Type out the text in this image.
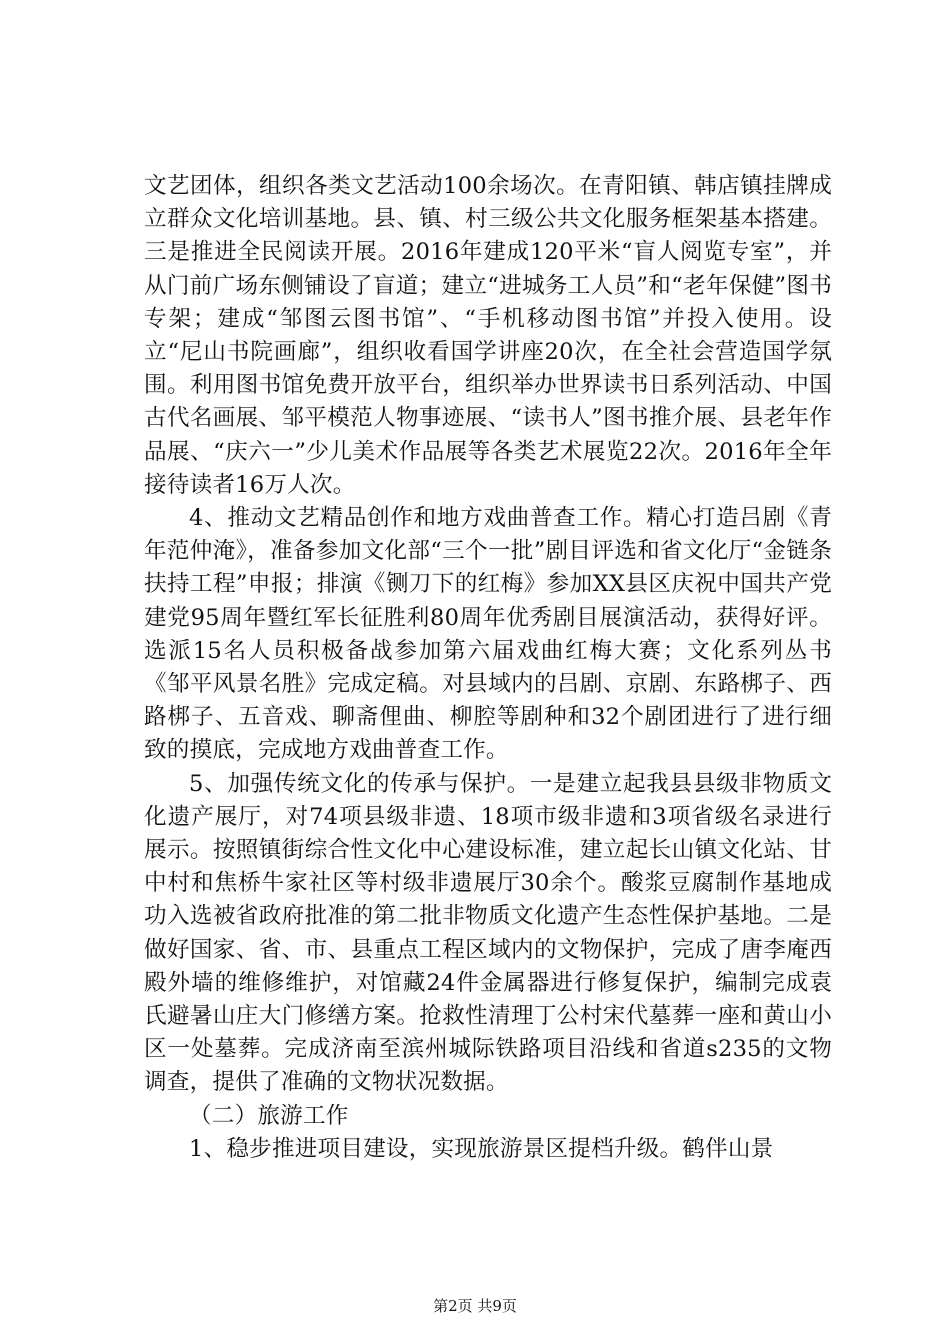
文艺团体，组织各类文艺活动100余场次。在青阳镇、韩店镇挂牌成立群众文化培训基地。县、镇、村三级公共文化服务框架基本搭建。三是推进全民阅读开展。2016年建成120平米“盲人阅览专室”，并从门前广场东侧铺设了盲道；建立“进城务工人员”和“老年保健”图书专架；建成“邹图云图书馆”、“手机移动图书馆”并投入使用。设立“尼山书院画廊”，组织收看国学讲座20次，在全社会营造国学氛围。利用图书馆免费开放平台，组织举办世界读书日系列活动、中国古代名画展、邹平模范人物事迹展、“读书人”图书推介展、县老年作品展、“庆六一”少儿美术作品展等各类艺术展览22次。2016年全年接待读者16万人次。

4、推动文艺精品创作和地方戏曲普查工作。精心打造吕剧《青年范仲淹》，准备参加文化部“三个一批”剧目评选和省文化厅“金链条扶持工程”申报；排演《铡刀下的红梅》参加XX县区庆祝中国共产党建党95周年暨红军长征胜利80周年优秀剧目展演活动，获得好评。选派15名人员积极备战参加第六届戏曲红梅大赛；文化系列丛书《邹平风景名胜》完成定稿。对县域内的吕剧、京剧、东路梆子、西路梆子、五音戏、聊斋俚曲、柳腔等剧种和32个剧团进行了进行细致的摸底，完成地方戏曲普查工作。

5、加强传统文化的传承与保护。一是建立起我县县级非物质文化遗产展厅，对74项县级非遗、18项市级非遗和3项省级名录进行展示。按照镇街综合性文化中心建设标准，建立起长山镇文化站、甘中村和焦桥牛家社区等村级非遗展厅30余个。酸浆豆腐制作基地成功入选被省政府批准的第二批非物质文化遗产生态性保护基地。二是做好国家、省、市、县重点工程区域内的文物保护，完成了唐李庵西殿外墙的维修维护，对馆藏24件金属器进行修复保护，编制完成袁氏避暑山庄大门修缮方案。抢救性清理丁公村宋代墓葬一座和黄山小区一处墓葬。完成济南至滨州城际铁路项目沿线和省道s235的文物调查，提供了准确的文物状况数据。

（二）旅游工作

1、稳步推进项目建设，实现旅游景区提档升级。鹤伴山景

第2页 共9页
